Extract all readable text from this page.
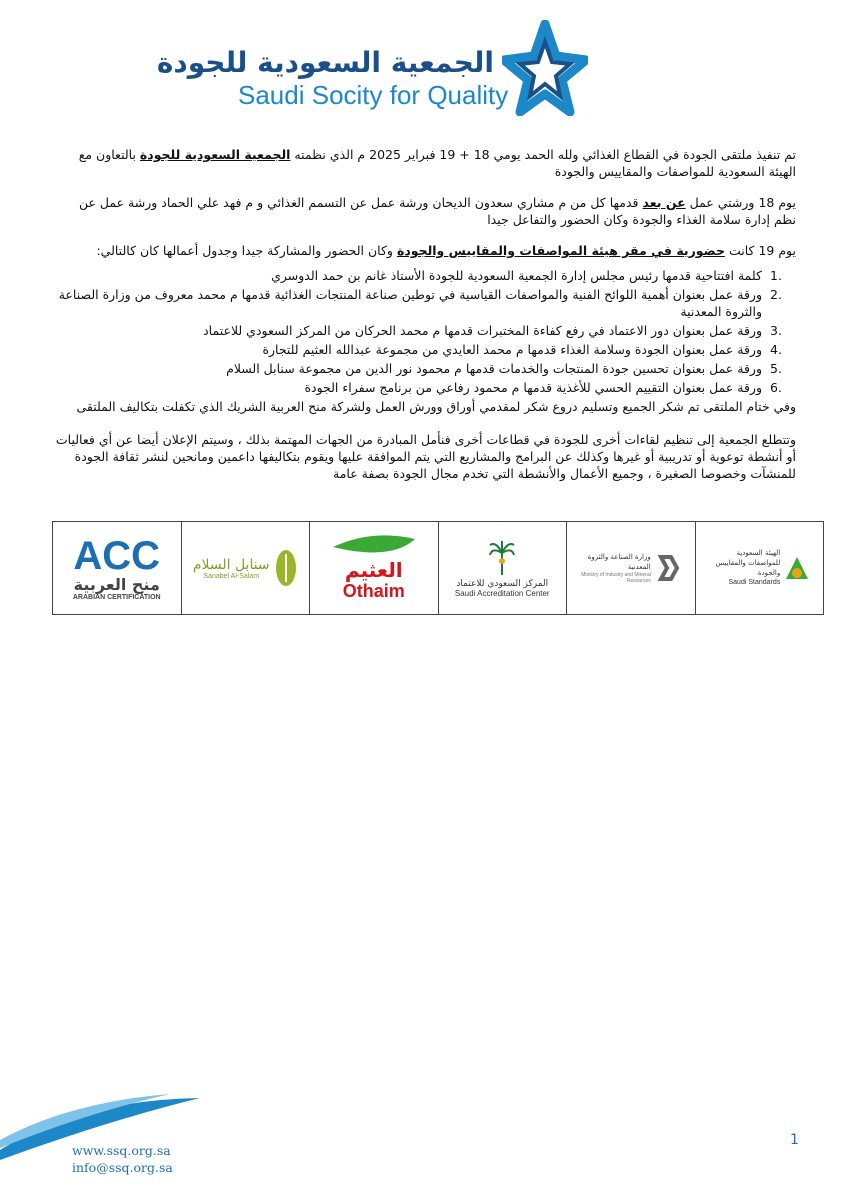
الجمعية السعودية للجودة
Saudi Socity for Quality

تم تنفيذ ملتقى الجودة في القطاع الغذائي ولله الحمد يومي 18 + 19 فبراير 2025 م الذي نظمته الجمعية السعودية للجودة بالتعاون مع الهيئة السعودية للمواصفات والمقاييس والجودة

يوم 18 ورشتي عمل عن بعد قدمها كل من م مشاري سعدون الديحان ورشة عمل عن التسمم الغذائي و م فهد علي الحماد ورشة عمل عن نظم إدارة سلامة الغذاء والجودة وكان الحضور والتفاعل جيدا

يوم 19 كانت حضورية في مقر هيئة المواصفات والمقاييس والجودة وكان الحضور والمشاركة جيدا وجدول أعمالها كان كالتالي:

1.
كلمة افتتاحية قدمها رئيس مجلس إدارة الجمعية السعودية للجودة الأستاذ غانم بن حمد الدوسري
2.
ورقة عمل بعنوان أهمية اللوائح الفنية والمواصفات القياسية في توطين صناعة المنتجات الغذائية قدمها م محمد معروف من وزارة الصناعة والثروة المعدنية
3.
ورقة عمل بعنوان دور الاعتماد في رفع كفاءة المختبرات قدمها م محمد الحركان من المركز السعودي للاعتماد
4.
ورقة عمل بعنوان الجودة وسلامة الغذاء قدمها م محمد العايدي من مجموعة عبدالله العثيم للتجارة
5.
ورقة عمل بعنوان تحسين جودة المنتجات والخدمات قدمها م محمود نور الدين من مجموعة سنابل السلام
6.
ورقة عمل بعنوان التقييم الحسي للأغذية قدمها م محمود رفاعي من برنامج سفراء الجودة

وفي ختام الملتقى تم شكر الجميع وتسليم دروع شكر لمقدمي أوراق وورش العمل ولشركة منح العربية الشريك الذي تكفلت بتكاليف الملتقى

وتتطلع الجمعية إلى تنظيم لقاءات أخرى للجودة في قطاعات أخرى فنأمل المبادرة من الجهات المهتمة بذلك ، وسيتم الإعلان أيضا عن أي فعاليات أو أنشطة توعوية أو تدريبية أو غيرها وكذلك عن البرامج والمشاريع التي يتم الموافقة عليها ويقوم بتكاليفها داعمين ومانحين لنشر ثقافة الجودة للمنشآت وخصوصا الصغيرة ، وجميع الأعمال والأنشطة التي تخدم مجال الجودة بصفة عامة

الهيئة السعودية للمواصفات والمقاييس والجودة
Saudi Standards
وزارة الصناعة والثروة المعدنية
Ministry of Industry and Mineral Resources
المركز السعودي للاعتماد
Saudi Accreditation Center
العثيم
Othaim
سنابل السلام
Sanabel Al-Salam
ACC
منح العربية
ARABIAN CERTIFICATION
www.ssq.org.sa
info@ssq.org.sa
1
